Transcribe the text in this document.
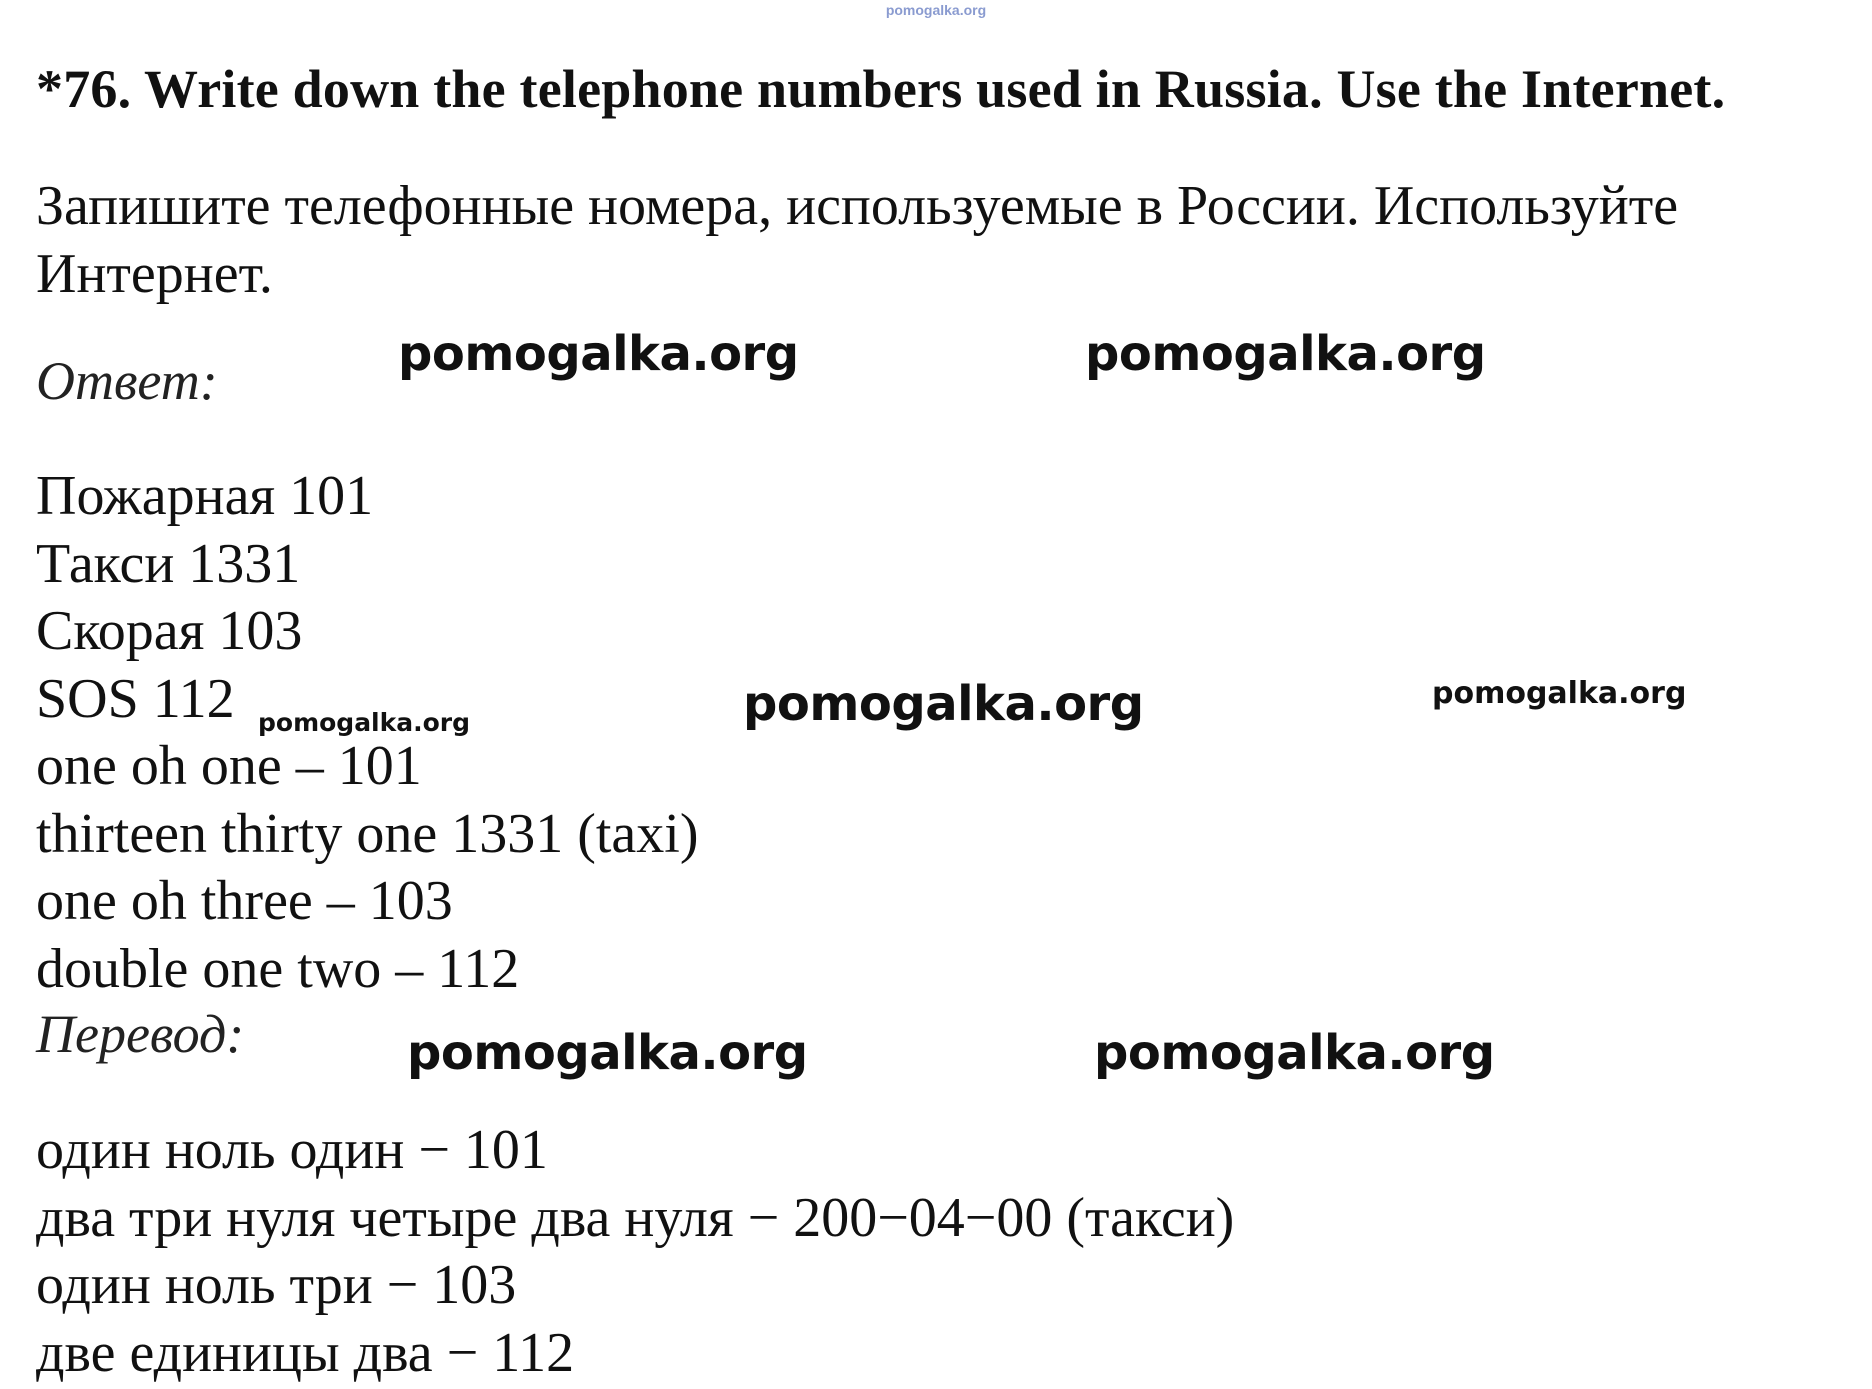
pomogalka.org
*76. Write down the telephone numbers used in Russia. Use the Internet.
Запишите телефонные номера, используемые в России. Используйте
Интернет.
Ответ:	pomogalka.org	pomogalka.org
Пожарная 101
Такси 1331
Скорая 103
SOS 112
one oh one – 101
thirteen thirty one 1331 (taxi)
one oh three – 103
double one two – 112
pomogalka.org	pomogalka.org	pomogalka.org
Перевод:	pomogalka.org	pomogalka.org
один ноль один − 101
два три нуля четыре два нуля − 200−04−00 (такси)
один ноль три − 103
две единицы два − 112
